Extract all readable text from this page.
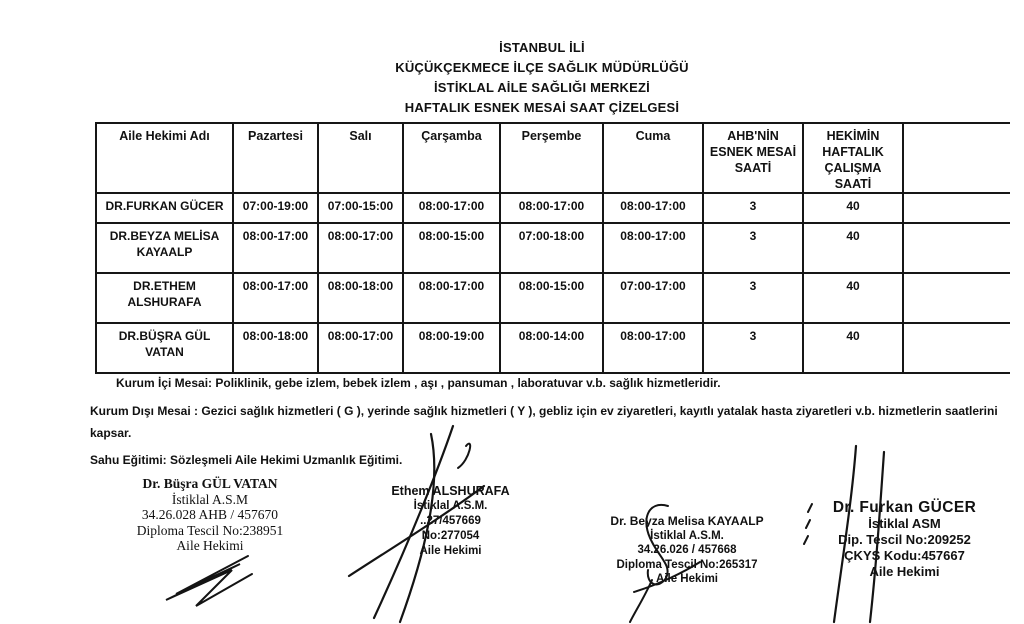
İSTANBUL İLİ
KÜÇÜKÇEKMECE İLÇE SAĞLIK MÜDÜRLÜĞÜ
İSTİKLAL AİLE SAĞLIĞI MERKEZİ
HAFTALIK ESNEK MESAİ SAAT ÇİZELGESİ
Aile Hekimi Adı	Pazartesi	Salı	Çarşamba	Perşembe	Cuma	AHB'NİN ESNEK MESAİ SAATİ	HEKİMİN HAFTALIK ÇALIŞMA SAATİ	
DR.FURKAN GÜCER	07:00-19:00	07:00-15:00	08:00-17:00	08:00-17:00	08:00-17:00	3	40	
DR.BEYZA MELİSA KAYAALP	08:00-17:00	08:00-17:00	08:00-15:00	07:00-18:00	08:00-17:00	3	40	
DR.ETHEM ALSHURAFA	08:00-17:00	08:00-18:00	08:00-17:00	08:00-15:00	07:00-17:00	3	40	
DR.BÜŞRA GÜL VATAN	08:00-18:00	08:00-17:00	08:00-19:00	08:00-14:00	08:00-17:00	3	40	
Kurum İçi Mesai: Poliklinik, gebe izlem, bebek izlem , aşı , pansuman , laboratuvar v.b. sağlık hizmetleridir.
Kurum Dışı Mesai : Gezici sağlık hizmetleri ( G ), yerinde sağlık hizmetleri ( Y ), gebliz için ev ziyaretleri, kayıtlı yatalak hasta ziyaretleri v.b. hizmetlerin saatlerini kapsar.
Sahu Eğitimi: Sözleşmeli Aile Hekimi Uzmanlık Eğitimi.
Dr. Büşra GÜL VATAN
İstiklal A.S.M
34.26.028 AHB / 457670
Diploma Tescil No:238951
Aile Hekimi
Ethem ALSHURAFA
İstiklal A.S.M.
..27/457669
No:277054
Aile Hekimi
Dr. Beyza Melisa KAYAALP
İstiklal A.S.M.
34.26.026 / 457668
Diploma Tescil No:265317
Aile Hekimi
Dr. Furkan GÜCER
İstiklal ASM
Dip. Tescil No:209252
ÇKYS Kodu:457667
Aile Hekimi
